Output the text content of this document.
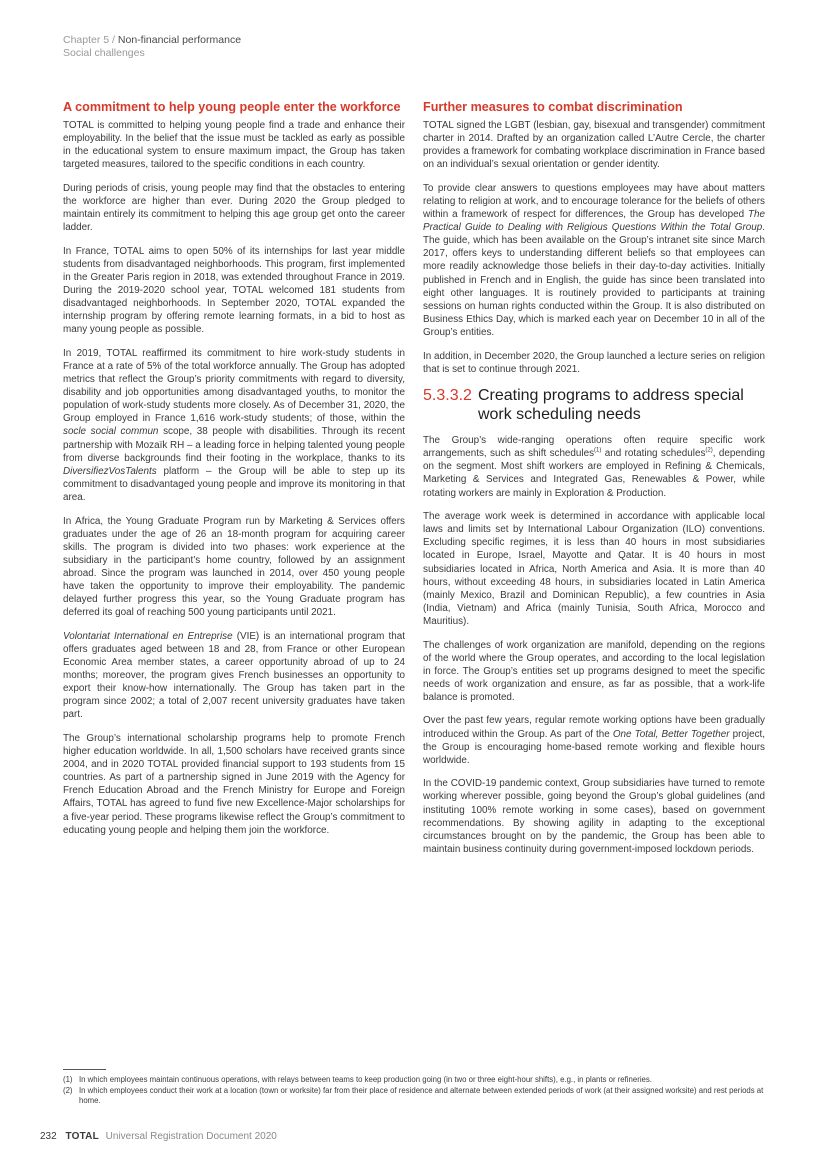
Chapter 5 / Non-financial performance
Social challenges
A commitment to help young people enter the workforce

TOTAL is committed to helping young people find a trade and enhance their employability. In the belief that the issue must be tackled as early as possible in the educational system to ensure maximum impact, the Group has taken targeted measures, tailored to the specific conditions in each country.

During periods of crisis, young people may find that the obstacles to entering the workforce are higher than ever. During 2020 the Group pledged to maintain entirely its commitment to helping this age group get onto the career ladder.

In France, TOTAL aims to open 50% of its internships for last year middle students from disadvantaged neighborhoods. This program, first implemented in the Greater Paris region in 2018, was extended throughout France in 2019. During the 2019-2020 school year, TOTAL welcomed 181 students from disadvantaged neighborhoods. In September 2020, TOTAL expanded the internship program by offering remote learning formats, in a bid to host as many young people as possible.

In 2019, TOTAL reaffirmed its commitment to hire work-study students in France at a rate of 5% of the total workforce annually. The Group has adopted metrics that reflect the Group’s priority commitments with regard to diversity, disability and job opportunities among disadvantaged youths, to monitor the population of work-study students more closely. As of December 31, 2020, the Group employed in France 1,616 work-study students; of those, within the socle social commun scope, 38 people with disabilities. Through its recent partnership with Mozaïk RH – a leading force in helping talented young people from diverse backgrounds find their footing in the workplace, thanks to its DiversifiezVosTalents platform – the Group will be able to step up its commitment to disadvantaged young people and improve its monitoring in that area.

In Africa, the Young Graduate Program run by Marketing & Services offers graduates under the age of 26 an 18-month program for acquiring career skills. The program is divided into two phases: work experience at the subsidiary in the participant’s home country, followed by an assignment abroad. Since the program was launched in 2014, over 450 young people have taken the opportunity to improve their employability. The pandemic delayed further progress this year, so the Young Graduate program has deferred its goal of reaching 500 young participants until 2021.

Volontariat International en Entreprise (VIE) is an international program that offers graduates aged between 18 and 28, from France or other European Economic Area member states, a career opportunity abroad of up to 24 months; moreover, the program gives French businesses an opportunity to export their know-how internationally. The Group has taken part in the program since 2002; a total of 2,007 recent university graduates have taken part.

The Group’s international scholarship programs help to promote French higher education worldwide. In all, 1,500 scholars have received grants since 2004, and in 2020 TOTAL provided financial support to 193 students from 15 countries. As part of a partnership signed in June 2019 with the Agency for French Education Abroad and the French Ministry for Europe and Foreign Affairs, TOTAL has agreed to fund five new Excellence-Major scholarships for a five-year period. These programs likewise reflect the Group’s commitment to educating young people and helping them join the workforce.

Further measures to combat discrimination

TOTAL signed the LGBT (lesbian, gay, bisexual and transgender) commitment charter in 2014. Drafted by an organization called L’Autre Cercle, the charter provides a framework for combating workplace discrimination in France based on an individual’s sexual orientation or gender identity.

To provide clear answers to questions employees may have about matters relating to religion at work, and to encourage tolerance for the beliefs of others within a framework of respect for differences, the Group has developed The Practical Guide to Dealing with Religious Questions Within the Total Group. The guide, which has been available on the Group’s intranet site since March 2017, offers keys to understanding different beliefs so that employees can more readily acknowledge those beliefs in their day-to-day activities. Initially published in French and in English, the guide has since been translated into eight other languages. It is routinely provided to participants at training sessions on human rights conducted within the Group. It is also distributed on Business Ethics Day, which is marked each year on December 10 in all of the Group’s entities.

In addition, in December 2020, the Group launched a lecture series on religion that is set to continue through 2021.

5.3.3.2 Creating programs to address special work scheduling needs

The Group’s wide-ranging operations often require specific work arrangements, such as shift schedules$^{(1)}$ and rotating schedules$^{(2)}$, depending on the segment. Most shift workers are employed in Refining & Chemicals, Marketing & Services and Integrated Gas, Renewables & Power, while rotating workers are mainly in Exploration & Production.

The average work week is determined in accordance with applicable local laws and limits set by International Labour Organization (ILO) conventions. Excluding specific regimes, it is less than 40 hours in most subsidiaries located in Europe, Israel, Mayotte and Qatar. It is 40 hours in most subsidiaries located in Africa, North America and Asia. It is more than 40 hours, without exceeding 48 hours, in subsidiaries located in Latin America (mainly Mexico, Brazil and Dominican Republic), a few countries in Asia (India, Vietnam) and Africa (mainly Tunisia, South Africa, Morocco and Mauritius).

The challenges of work organization are manifold, depending on the regions of the world where the Group operates, and according to the local legislation in force. The Group’s entities set up programs designed to meet the specific needs of work organization and ensure, as far as possible, that a work-life balance is promoted.

Over the past few years, regular remote working options have been gradually introduced within the Group. As part of the One Total, Better Together project, the Group is encouraging home-based remote working and flexible hours worldwide.

In the COVID-19 pandemic context, Group subsidiaries have turned to remote working wherever possible, going beyond the Group’s global guidelines (and instituting 100% remote working in some cases), based on government recommendations. By showing agility in adapting to the exceptional circumstances brought on by the pandemic, the Group has been able to maintain business continuity during government-imposed lockdown periods.

(1) In which employees maintain continuous operations, with relays between teams to keep production going (in two or three eight-hour shifts), e.g., in plants or refineries.
(2) In which employees conduct their work at a location (town or worksite) far from their place of residence and alternate between extended periods of work (at their assigned worksite) and rest periods at home.
232 TOTAL Universal Registration Document 2020
